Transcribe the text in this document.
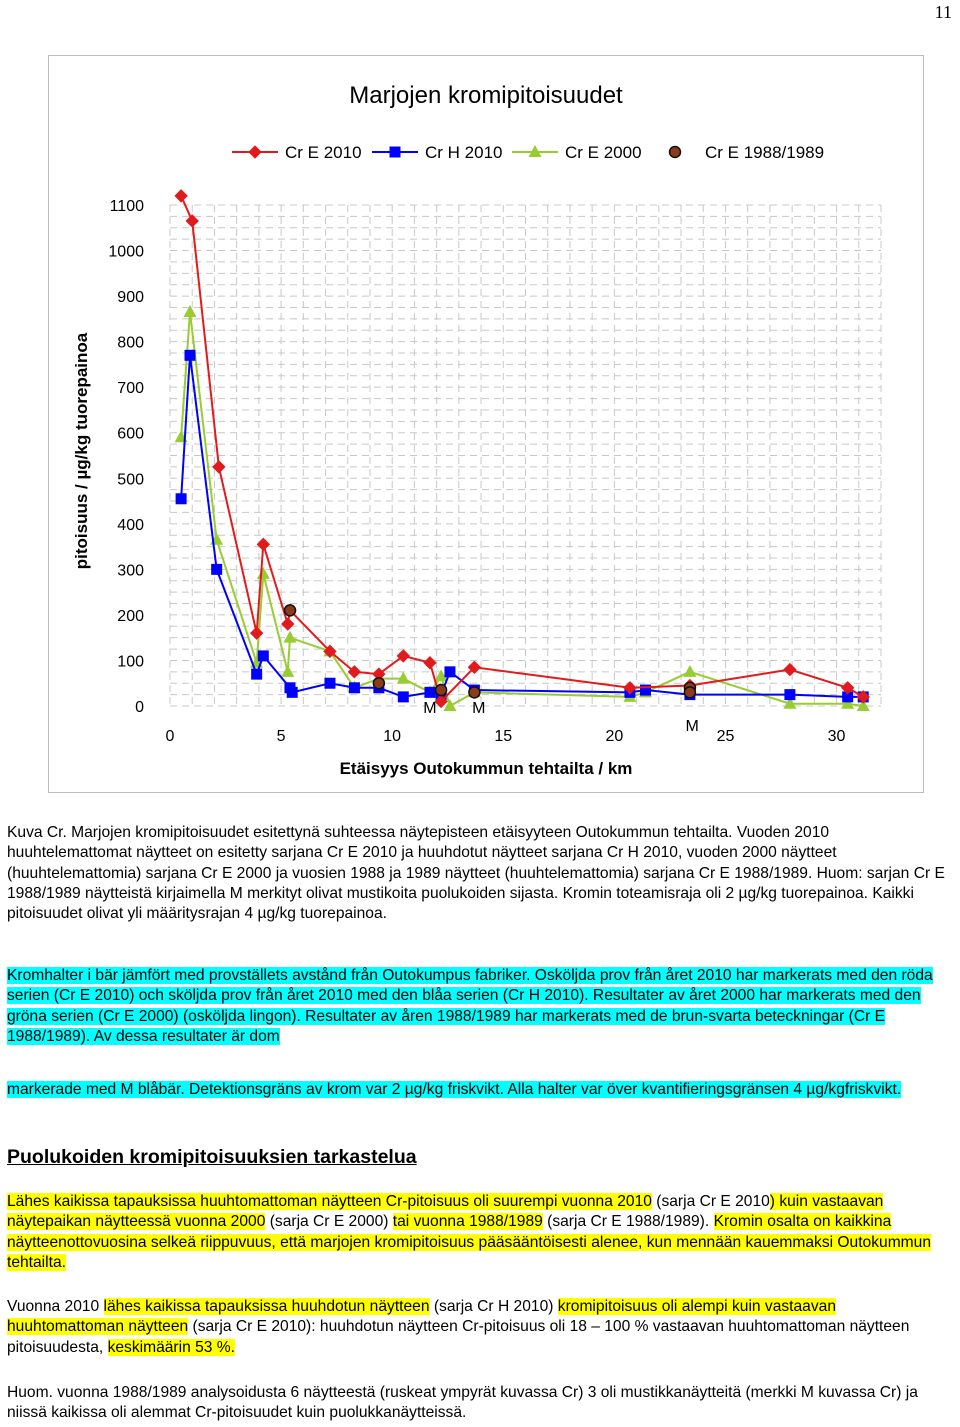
11
Marjojen kromipitoisuudet
Cr E 2010	Cr H 2010	Cr E 2000	Cr E 1988/1989
0
100
200
300
400
500
600
700
800
900
1000
1100
0	5	10	15	20	25	30
M M
M
Etäisyys Outokummun tehtailta / km
pitoisuus / µg/kg tuorepainoa

Kuva Cr. Marjojen kromipitoisuudet esitettynä suhteessa näytepisteen etäisyyteen Outokummun tehtailta. Vuoden 2010 huuhtelemattomat näytteet on esitetty sarjana Cr E 2010 ja huuhdotut näytteet sarjana Cr H 2010, vuoden 2000 näytteet (huuhtelemattomia) sarjana Cr E 2000 ja vuosien 1988 ja 1989 näytteet (huuhtelemattomia) sarjana Cr E 1988/1989. Huom: sarjan Cr E 1988/1989 näytteistä kirjaimella M merkityt olivat mustikoita puolukoiden sijasta. Kromin toteamisraja oli 2 µg/kg tuorepainoa. Kaikki pitoisuudet olivat yli määritysrajan 4 µg/kg tuorepainoa.

Kromhalter i bär jämfört med provställets avstånd från Outokumpus fabriker. Osköljda prov från året 2010 har markerats med den röda serien (Cr E 2010) och sköljda prov från året 2010 med den blåa serien (Cr H 2010). Resultater av året 2000 har markerats med den gröna serien (Cr E 2000) (osköljda lingon). Resultater av åren 1988/1989 har markerats med de brun-svarta beteckningar (Cr E 1988/1989). Av dessa resultater är dom

markerade med M blåbär. Detektionsgräns av krom var 2 µg/kg friskvikt. Alla halter var över kvantifieringsgränsen 4 µg/kgfriskvikt.

Puolukoiden kromipitoisuuksien tarkastelua

Lähes kaikissa tapauksissa huuhtomattoman näytteen Cr-pitoisuus oli suurempi vuonna 2010 (sarja Cr E 2010) kuin vastaavan näytepaikan näytteessä vuonna 2000 (sarja Cr E 2000) tai vuonna 1988/1989 (sarja Cr E 1988/1989). Kromin osalta on kaikkina näytteenottovuosina selkeä riippuvuus, että marjojen kromipitoisuus pääsääntöisesti alenee, kun mennään kauemmaksi Outokummun tehtailta.

Vuonna 2010 lähes kaikissa tapauksissa huuhdotun näytteen (sarja Cr H 2010) kromipitoisuus oli alempi kuin vastaavan huuhtomattoman näytteen (sarja Cr E 2010): huuhdotun näytteen Cr-pitoisuus oli 18 – 100 % vastaavan huuhtomattoman näytteen pitoisuudesta, keskimäärin 53 %.

Huom. vuonna 1988/1989 analysoidusta 6 näytteestä (ruskeat ympyrät kuvassa Cr) 3 oli mustikkanäytteitä (merkki M kuvassa Cr) ja niissä kaikissa oli alemmat Cr-pitoisuudet kuin puolukkanäytteissä.
